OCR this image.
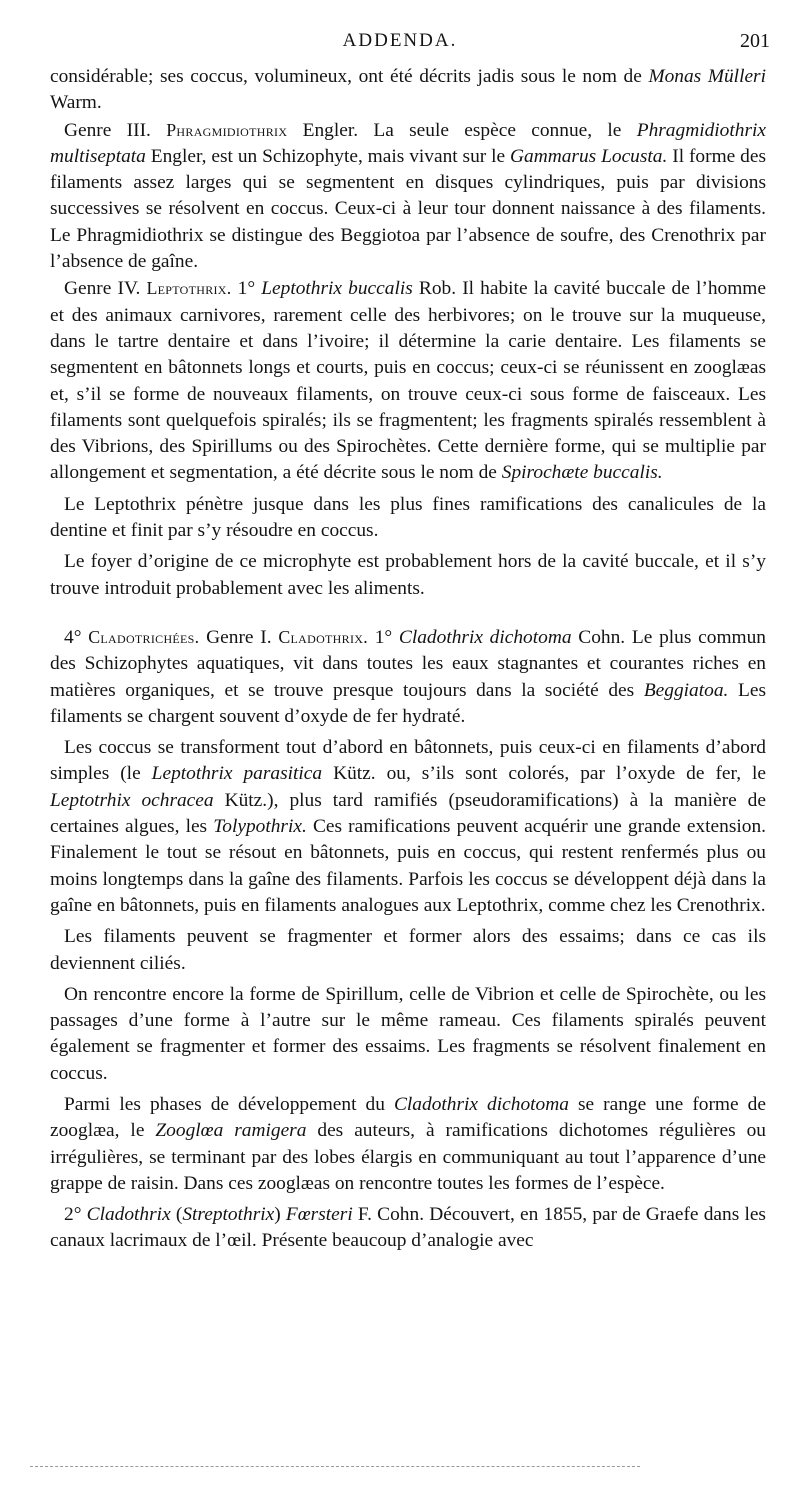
ADDENDA.	201

considérable; ses coccus, volumineux, ont été décrits jadis sous le nom de Monas Mülleri Warm.

Genre III. Phragmidiothrix Engler. La seule espèce connue, le Phragmidiothrix multiseptata Engler, est un Schizophyte, mais vivant sur le Gammarus Locusta. Il forme des filaments assez larges qui se segmentent en disques cylindriques, puis par divisions successives se résolvent en coccus. Ceux-ci à leur tour donnent naissance à des filaments. Le Phragmidiothrix se distingue des Beggiotoa par l’absence de soufre, des Crenothrix par l’absence de gaîne.

Genre IV. Leptothrix. 1° Leptothrix buccalis Rob. Il habite la cavité buccale de l’homme et des animaux carnivores, rarement celle des herbivores; on le trouve sur la muqueuse, dans le tartre dentaire et dans l’ivoire; il détermine la carie dentaire. Les filaments se segmentent en bâtonnets longs et courts, puis en coccus; ceux-ci se réunissent en zooglæas et, s’il se forme de nouveaux filaments, on trouve ceux-ci sous forme de faisceaux. Les filaments sont quelquefois spiralés; ils se fragmentent; les fragments spiralés ressemblent à des Vibrions, des Spirillums ou des Spirochètes. Cette dernière forme, qui se multiplie par allongement et segmentation, a été décrite sous le nom de Spirochæte buccalis.

Le Leptothrix pénètre jusque dans les plus fines ramifications des canalicules de la dentine et finit par s’y résoudre en coccus.

Le foyer d’origine de ce microphyte est probablement hors de la cavité buccale, et il s’y trouve introduit probablement avec les aliments.

4° Cladotrichées. Genre I. Cladothrix. 1° Cladothrix dichotoma Cohn. Le plus commun des Schizophytes aquatiques, vit dans toutes les eaux stagnantes et courantes riches en matières organiques, et se trouve presque toujours dans la société des Beggiatoa. Les filaments se chargent souvent d’oxyde de fer hydraté.

Les coccus se transforment tout d’abord en bâtonnets, puis ceux-ci en filaments d’abord simples (le Leptothrix parasitica Kütz. ou, s’ils sont colorés, par l’oxyde de fer, le Leptotrhix ochracea Kütz.), plus tard ramifiés (pseudoramifications) à la manière de certaines algues, les Tolypothrix. Ces ramifications peuvent acquérir une grande extension. Finalement le tout se résout en bâtonnets, puis en coccus, qui restent renfermés plus ou moins longtemps dans la gaîne des filaments. Parfois les coccus se développent déjà dans la gaîne en bâtonnets, puis en filaments analogues aux Leptothrix, comme chez les Crenothrix.

Les filaments peuvent se fragmenter et former alors des essaims; dans ce cas ils deviennent ciliés.

On rencontre encore la forme de Spirillum, celle de Vibrion et celle de Spirochète, ou les passages d’une forme à l’autre sur le même rameau. Ces filaments spiralés peuvent également se fragmenter et former des essaims. Les fragments se résolvent finalement en coccus.

Parmi les phases de développement du Cladothrix dichotoma se range une forme de zooglæa, le Zooglœa ramigera des auteurs, à ramifications dichotomes régulières ou irrégulières, se terminant par des lobes élargis en communiquant au tout l’apparence d’une grappe de raisin. Dans ces zooglæas on rencontre toutes les formes de l’espèce.

2° Cladothrix (Streptothrix) Fœrsteri F. Cohn. Découvert, en 1855, par de Graefe dans les canaux lacrimaux de l’œil. Présente beaucoup d’analogie avec
